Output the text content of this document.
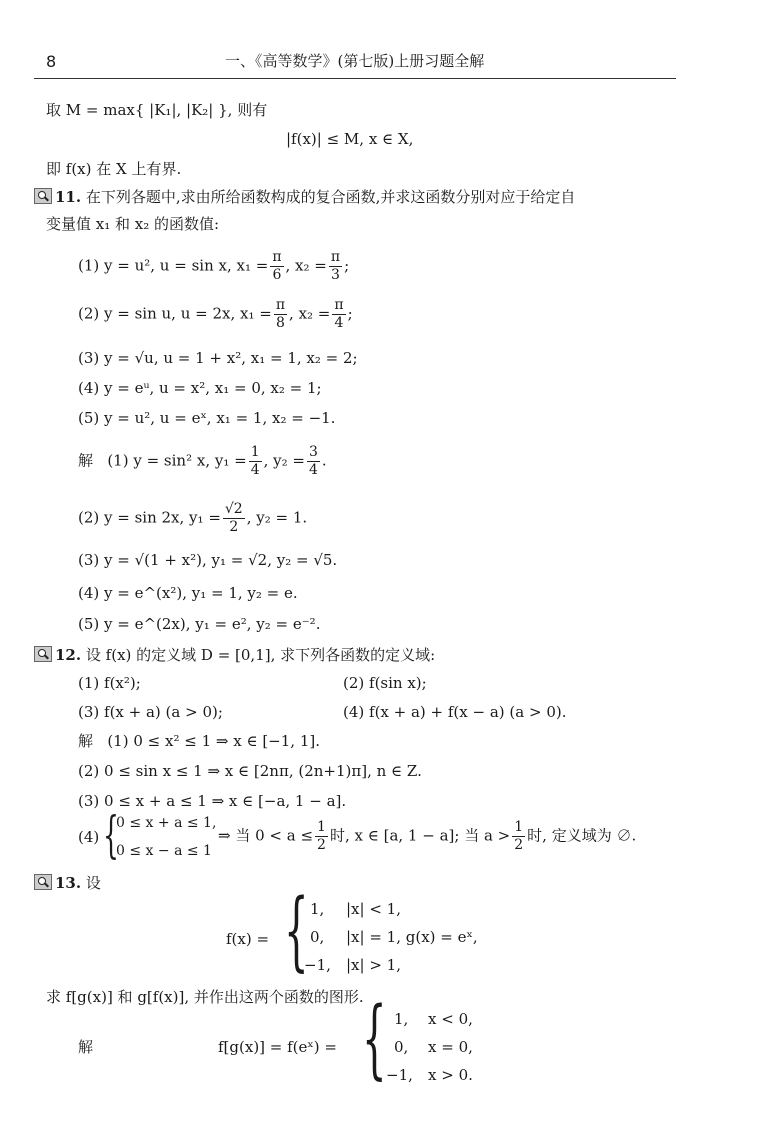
8	一、《高等数学》(第七版)上册习题全解
取 M = max{ |K₁|, |K₂| }, 则有
|f(x)| ≤ M, x ∈ X,
即 f(x) 在 X 上有界.
11. 在下列各题中,求由所给函数构成的复合函数,并求这函数分别对应于给定自
变量值 x₁ 和 x₂ 的函数值:
(1) y = u², u = sin x, $x_1 = \frac{\pi}{6}$ , $x_2 = \frac{\pi}{3}$ ;
(2) y = sin u, u = 2x, $x_1 = \frac{\pi}{8}$ , $x_2 = \frac{\pi}{4}$ ;
(3) y = √u, u = 1 + x², x₁ = 1, x₂ = 2;
(4) y = eᵘ, u = x², x₁ = 0, x₂ = 1;
(5) y = u², u = eˣ, x₁ = 1, x₂ = −1.
解 (1) y = sin² x, $y_1 = \frac{1}{4}$ , $y_2 = \frac{3}{4}$ .
(2) y = sin 2x, $y_1 = \frac{√2}{2}$ , y₂ = 1.
(3) y = √(1 + x²), y₁ = √2, y₂ = √5.
(4) y = e^(x²), y₁ = 1, y₂ = e.
(5) y = e^(2x), y₁ = e², y₂ = e⁻².
12. 设 f(x) 的定义域 D = [0,1], 求下列各函数的定义域:
(1) f(x²);	(2) f(sin x);
(3) f(x + a) (a > 0);	(4) f(x + a) + f(x − a) (a > 0).
解 (1) 0 ≤ x² ≤ 1 ⇒ x ∈ [−1, 1].
(2) 0 ≤ sin x ≤ 1 ⇒ x ∈ [2nπ, (2n+1)π], n ∈ Z.
(3) 0 ≤ x + a ≤ 1 ⇒ x ∈ [−a, 1 − a].
(4) {
0 ≤ x + a ≤ 1,
0 ≤ x − a ≤ 1
⇒ 当 $0 < a \le \frac{1}{2}$ 时, x ∈ [a, 1 − a]; 当 $a > \frac{1}{2}$ 时, 定义域为 ∅.
13. 设
f(x) = { 1, |x| < 1,
0, |x| = 1, g(x) = eˣ,
−1, |x| > 1,
求 f[g(x)] 和 g[f(x)], 并作出这两个函数的图形.
解	f[g(x)] = f(eˣ) = { 1, x < 0,
0, x = 0,
−1, x > 0.
